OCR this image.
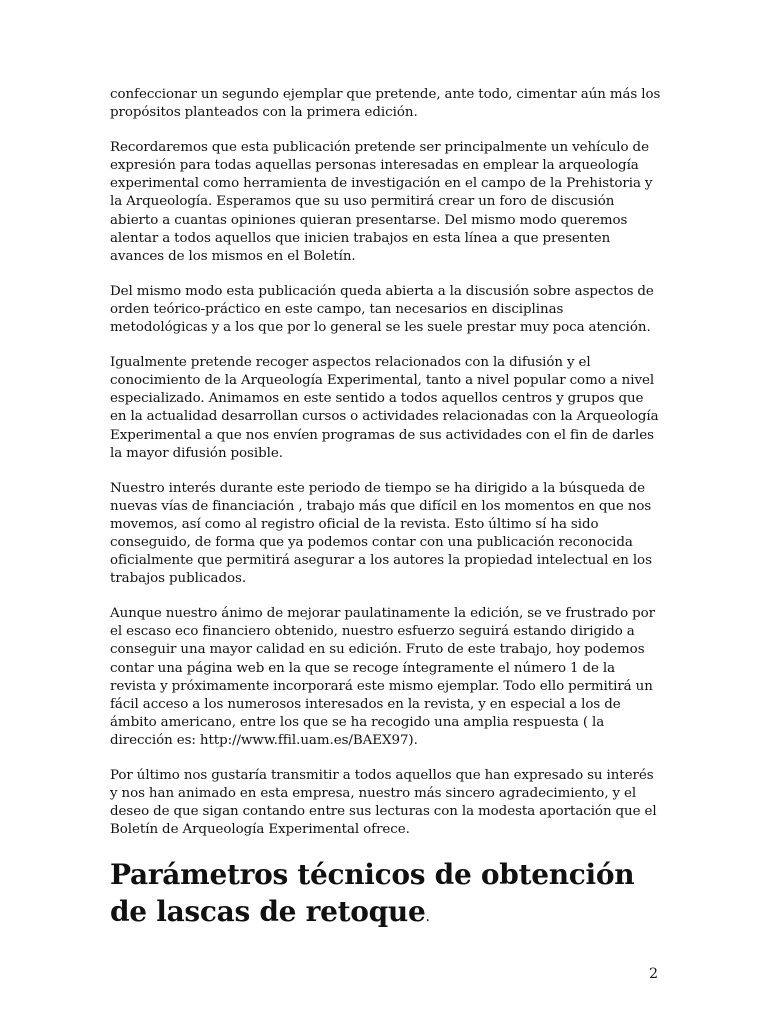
confeccionar un segundo ejemplar que pretende, ante todo, cimentar aún más los propósitos planteados con la primera edición.

Recordaremos que esta publicación pretende ser principalmente un vehículo de expresión para todas aquellas personas interesadas en emplear la arqueología experimental como herramienta de investigación en el campo de la Prehistoria y la Arqueología. Esperamos que su uso permitirá crear un foro de discusión abierto a cuantas opiniones quieran presentarse. Del mismo modo queremos alentar a todos aquellos que inicien trabajos en esta línea a que presenten avances de los mismos en el Boletín.

Del mismo modo esta publicación queda abierta a la discusión sobre aspectos de orden teórico-práctico en este campo, tan necesarios en disciplinas metodológicas y a los que por lo general se les suele prestar muy poca atención.

Igualmente pretende recoger aspectos relacionados con la difusión y el conocimiento de la Arqueología Experimental, tanto a nivel popular como a nivel especializado. Animamos en este sentido a todos aquellos centros y grupos que en la actualidad desarrollan cursos o actividades relacionadas con la Arqueología Experimental a que nos envíen programas de sus actividades con el fin de darles la mayor difusión posible.

Nuestro interés durante este periodo de tiempo se ha dirigido a la búsqueda de nuevas vías de financiación , trabajo más que difícil en los momentos en que nos movemos, así como al registro oficial de la revista. Esto último sí ha sido conseguido, de forma que ya podemos contar con una publicación reconocida oficialmente que permitirá asegurar a los autores la propiedad intelectual en los trabajos publicados.

Aunque nuestro ánimo de mejorar paulatinamente la edición, se ve frustrado por el escaso eco financiero obtenido, nuestro esfuerzo seguirá estando dirigido a conseguir una mayor calidad en su edición. Fruto de este trabajo, hoy podemos contar una página web en la que se recoge íntegramente el número 1 de la revista y próximamente incorporará este mismo ejemplar. Todo ello permitirá un fácil acceso a los numerosos interesados en la revista, y en especial a los de ámbito americano, entre los que se ha recogido una amplia respuesta ( la dirección es: http://www.ffil.uam.es/BAEX97).

Por último nos gustaría transmitir a todos aquellos que han expresado su interés y nos han animado en esta empresa, nuestro más sincero agradecimiento, y el deseo de que sigan contando entre sus lecturas con la modesta aportación que el Boletín de Arqueología Experimental ofrece.

Parámetros técnicos de obtención de lascas de retoque.
2
